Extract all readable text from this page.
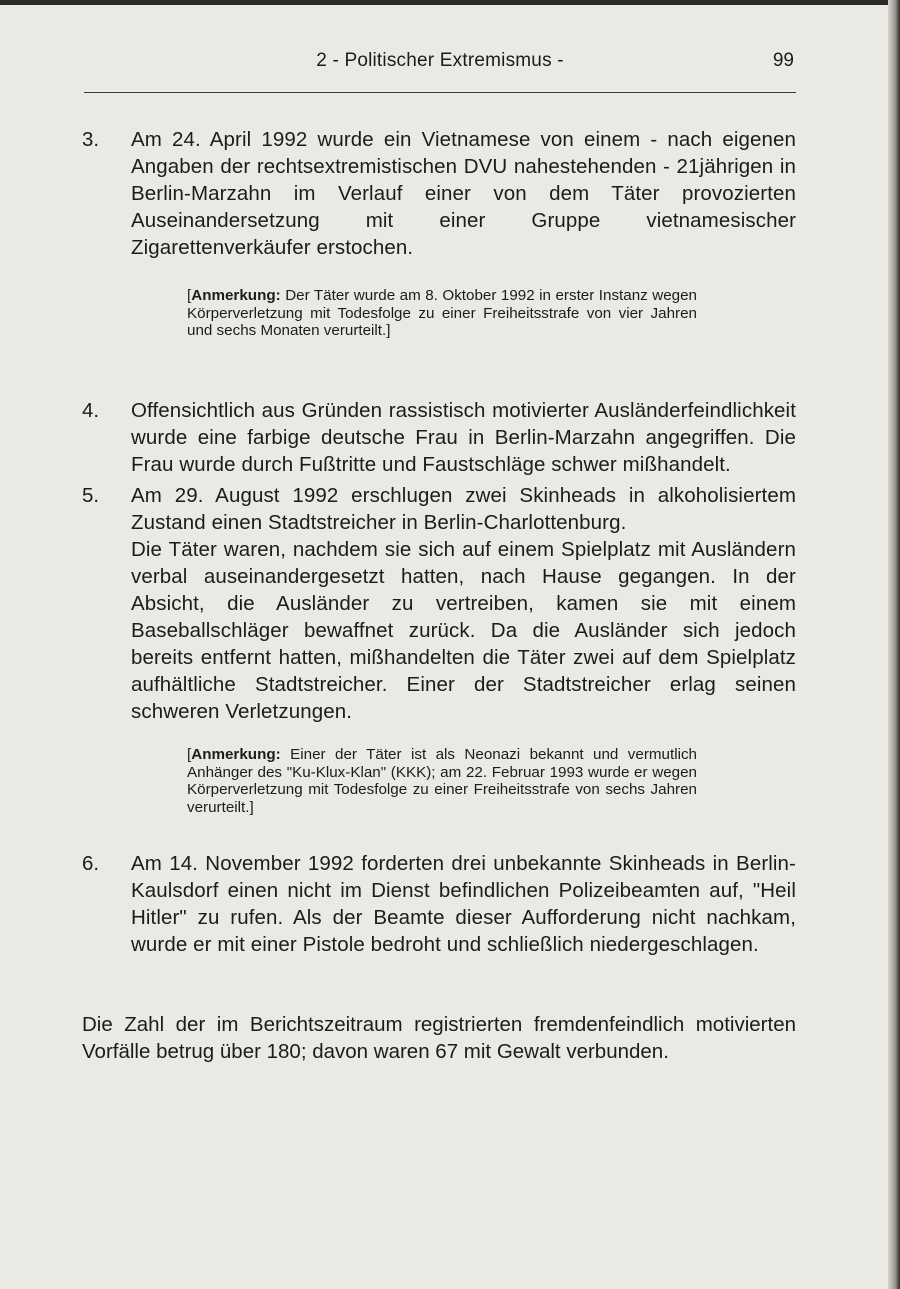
2 - Politischer Extremismus -	99
3. Am 24. April 1992 wurde ein Vietnamese von einem - nach eigenen Angaben der rechtsextremistischen DVU nahestehenden - 21jährigen in Berlin-Marzahn im Verlauf einer von dem Täter provozierten Auseinandersetzung mit einer Gruppe vietnamesischer Zigarettenverkäufer erstochen.

[Anmerkung: Der Täter wurde am 8. Oktober 1992 in erster Instanz wegen Körperverletzung mit Todesfolge zu einer Freiheitsstrafe von vier Jahren und sechs Monaten verurteilt.]
4. Offensichtlich aus Gründen rassistisch motivierter Ausländerfeindlichkeit wurde eine farbige deutsche Frau in Berlin-Marzahn angegriffen. Die Frau wurde durch Fußtritte und Faustschläge schwer mißhandelt.

5. Am 29. August 1992 erschlugen zwei Skinheads in alkoholisiertem Zustand einen Stadtstreicher in Berlin-Charlottenburg.

Die Täter waren, nachdem sie sich auf einem Spielplatz mit Ausländern verbal auseinandergesetzt hatten, nach Hause gegangen. In der Absicht, die Ausländer zu vertreiben, kamen sie mit einem Baseballschläger bewaffnet zurück. Da die Ausländer sich jedoch bereits entfernt hatten, mißhandelten die Täter zwei auf dem Spielplatz aufhältliche Stadtstreicher. Einer der Stadtstreicher erlag seinen schweren Verletzungen.

[Anmerkung: Einer der Täter ist als Neonazi bekannt und vermutlich Anhänger des "Ku-Klux-Klan" (KKK); am 22. Februar 1993 wurde er wegen Körperverletzung mit Todesfolge zu einer Freiheitsstrafe von sechs Jahren verurteilt.]
6. Am 14. November 1992 forderten drei unbekannte Skinheads in Berlin-Kaulsdorf einen nicht im Dienst befindlichen Polizeibeamten auf, "Heil Hitler" zu rufen. Als der Beamte dieser Aufforderung nicht nachkam, wurde er mit einer Pistole bedroht und schließlich niedergeschlagen.

Die Zahl der im Berichtszeitraum registrierten fremdenfeindlich motivierten Vorfälle betrug über 180; davon waren 67 mit Gewalt verbunden.
